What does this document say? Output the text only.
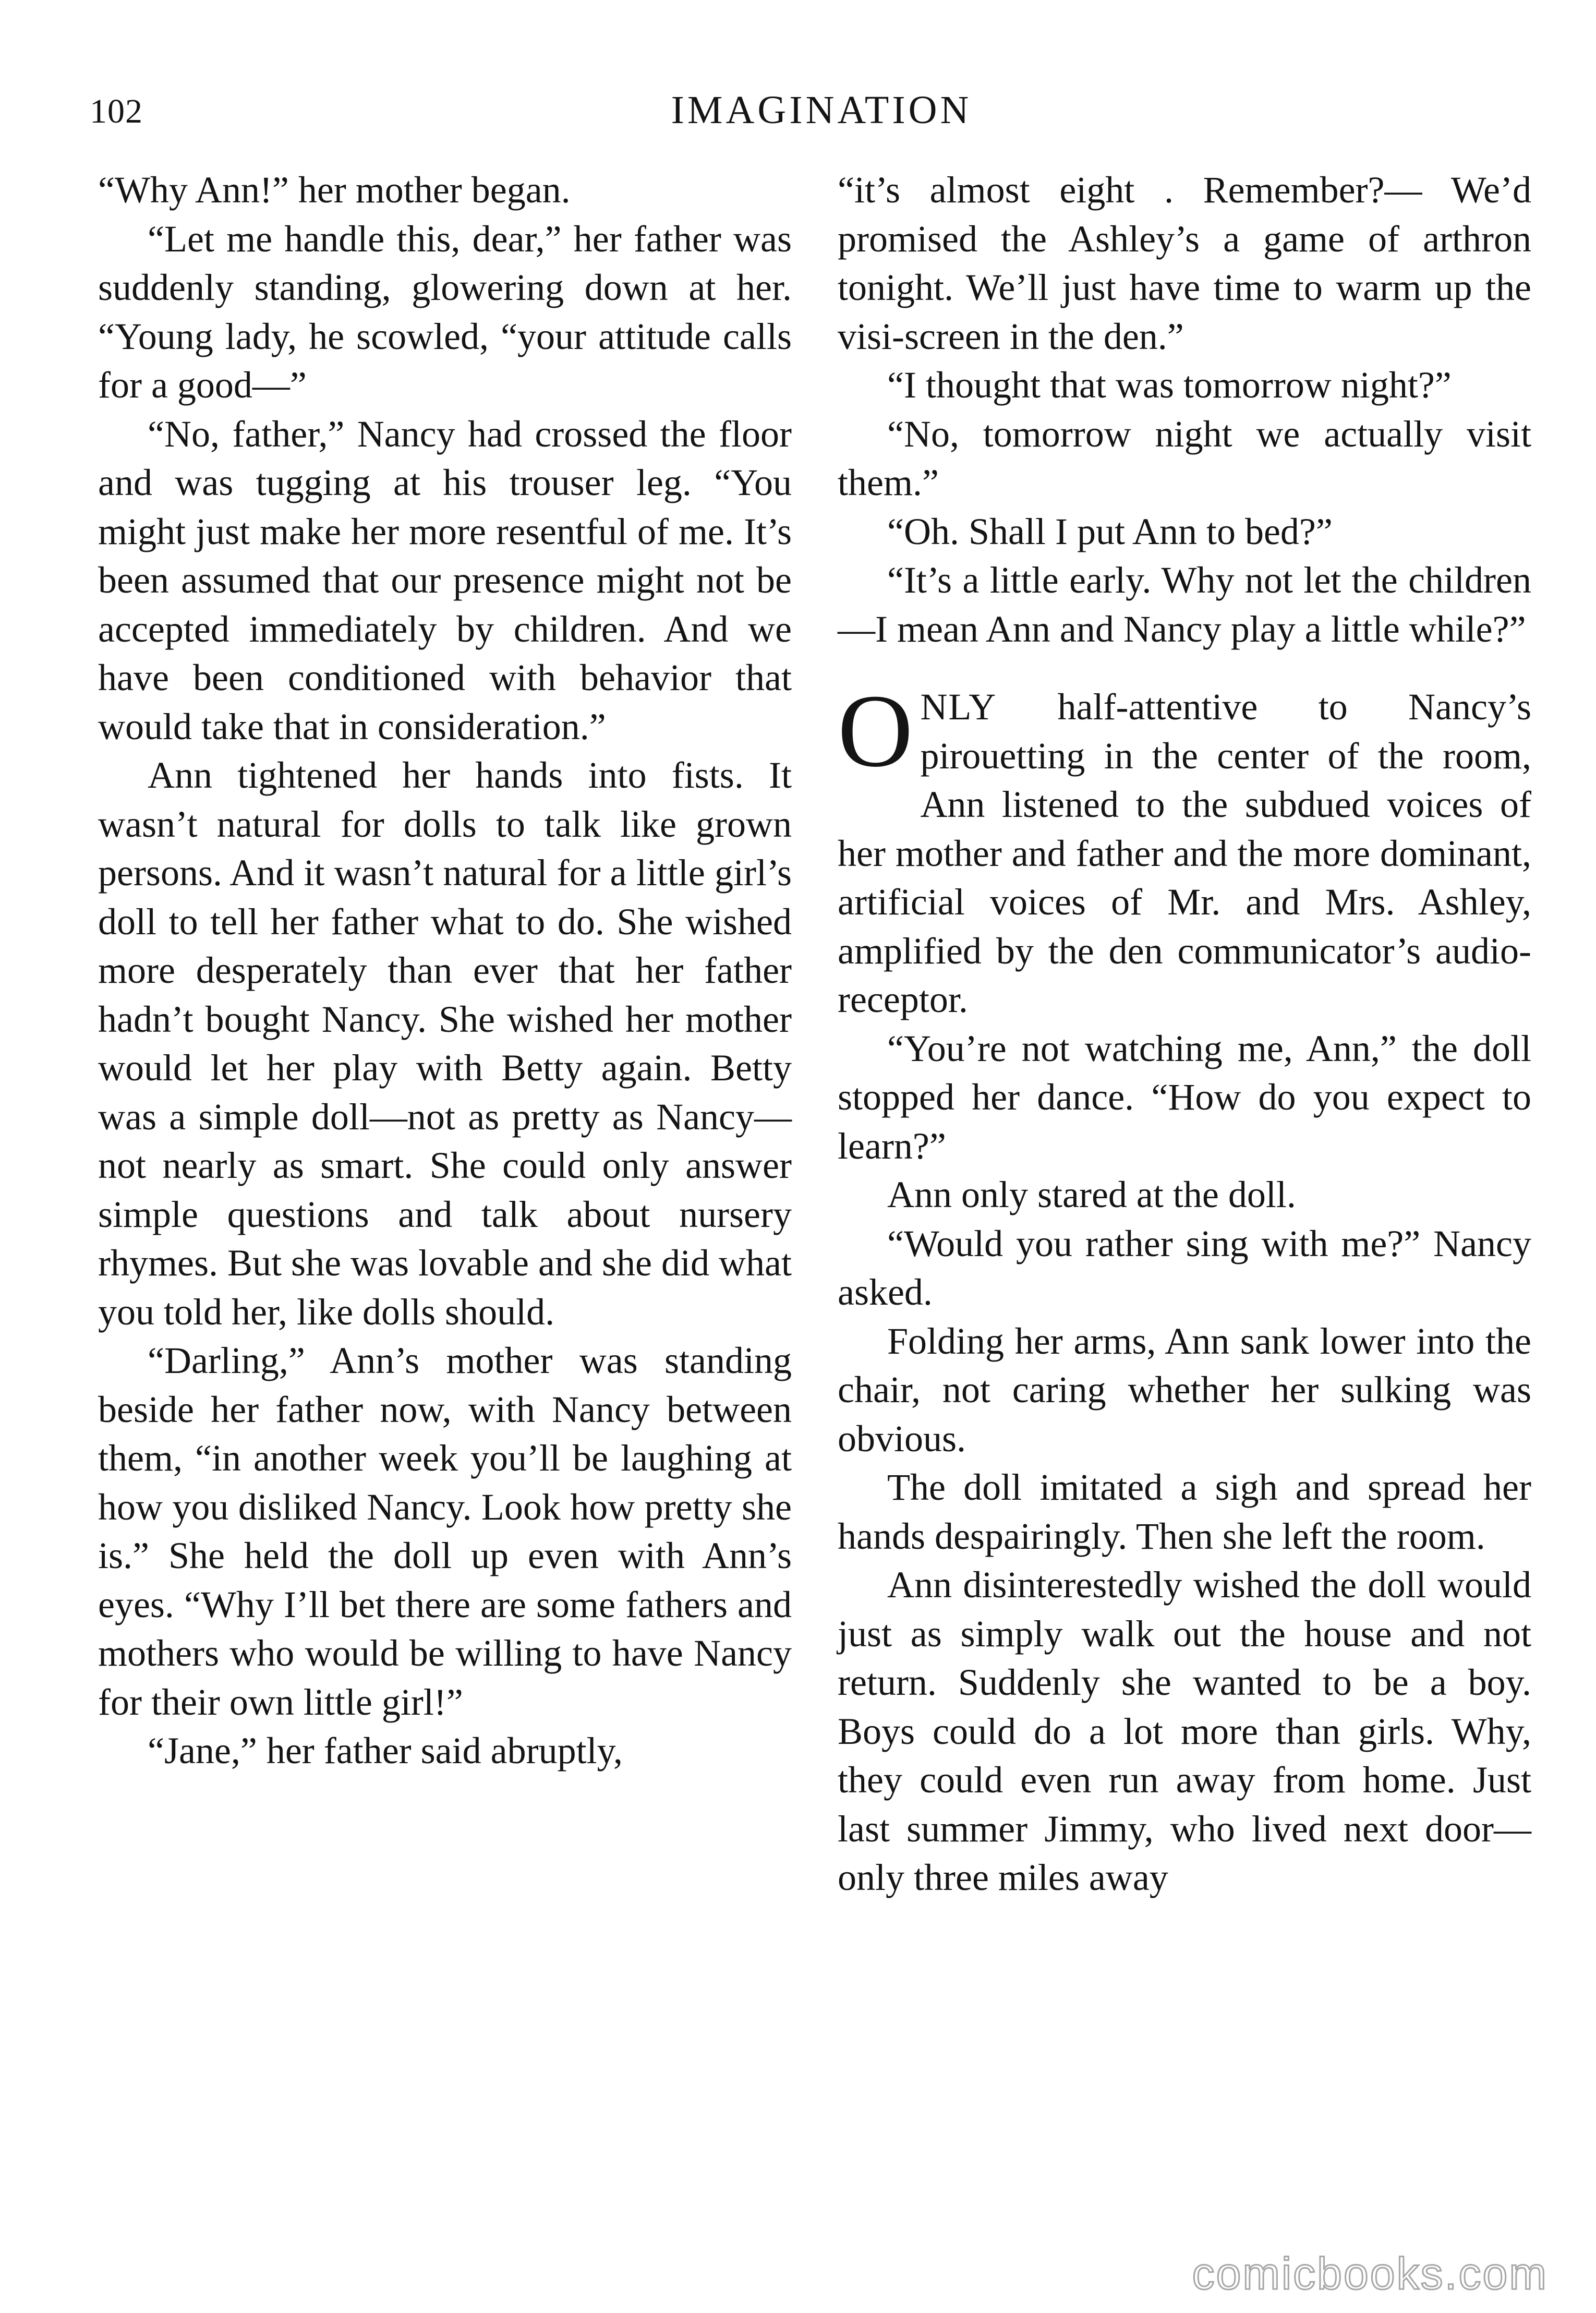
102	IMAGINATION

“Why Ann!” her mother began.

“Let me handle this, dear,” her father was suddenly standing, glowering down at her. “Young lady, he scowled, “your attitude calls for a good—”

“No, father,” Nancy had crossed the floor and was tugging at his trouser leg. “You might just make her more resentful of me. It’s been assumed that our presence might not be accepted immediately by children. And we have been conditioned with behavior that would take that in consideration.”

Ann tightened her hands into fists. It wasn’t natural for dolls to talk like grown persons. And it wasn’t natural for a little girl’s doll to tell her father what to do. She wished more desperately than ever that her father hadn’t bought Nancy. She wished her mother would let her play with Betty again. Betty was a simple doll—not as pretty as Nancy—not nearly as smart. She could only answer simple questions and talk about nursery rhymes. But she was lovable and she did what you told her, like dolls should.

“Darling,” Ann’s mother was standing beside her father now, with Nancy between them, “in another week you’ll be laughing at how you disliked Nancy. Look how pretty she is.” She held the doll up even with Ann’s eyes. “Why I’ll bet there are some fathers and mothers who would be willing to have Nancy for their own little girl!”

“Jane,” her father said abruptly,

“it’s almost eight . Remember?— We’d promised the Ashley’s a game of arthron tonight. We’ll just have time to warm up the visi-screen in the den.”

“I thought that was tomorrow night?”

“No, tomorrow night we actually visit them.”

“Oh. Shall I put Ann to bed?”

“It’s a little early. Why not let the children—I mean Ann and Nancy play a little while?”

ONLY half-attentive to Nancy’s pirouetting in the center of the room, Ann listened to the subdued voices of her mother and father and the more dominant, artificial voices of Mr. and Mrs. Ashley, amplified by the den communicator’s audio-receptor.

“You’re not watching me, Ann,” the doll stopped her dance. “How do you expect to learn?”

Ann only stared at the doll.

“Would you rather sing with me?” Nancy asked.

Folding her arms, Ann sank lower into the chair, not caring whether her sulking was obvious.

The doll imitated a sigh and spread her hands despairingly. Then she left the room.

Ann disinterestedly wished the doll would just as simply walk out the house and not return. Suddenly she wanted to be a boy. Boys could do a lot more than girls. Why, they could even run away from home. Just last summer Jimmy, who lived next door—only three miles away

comicbooks.com
